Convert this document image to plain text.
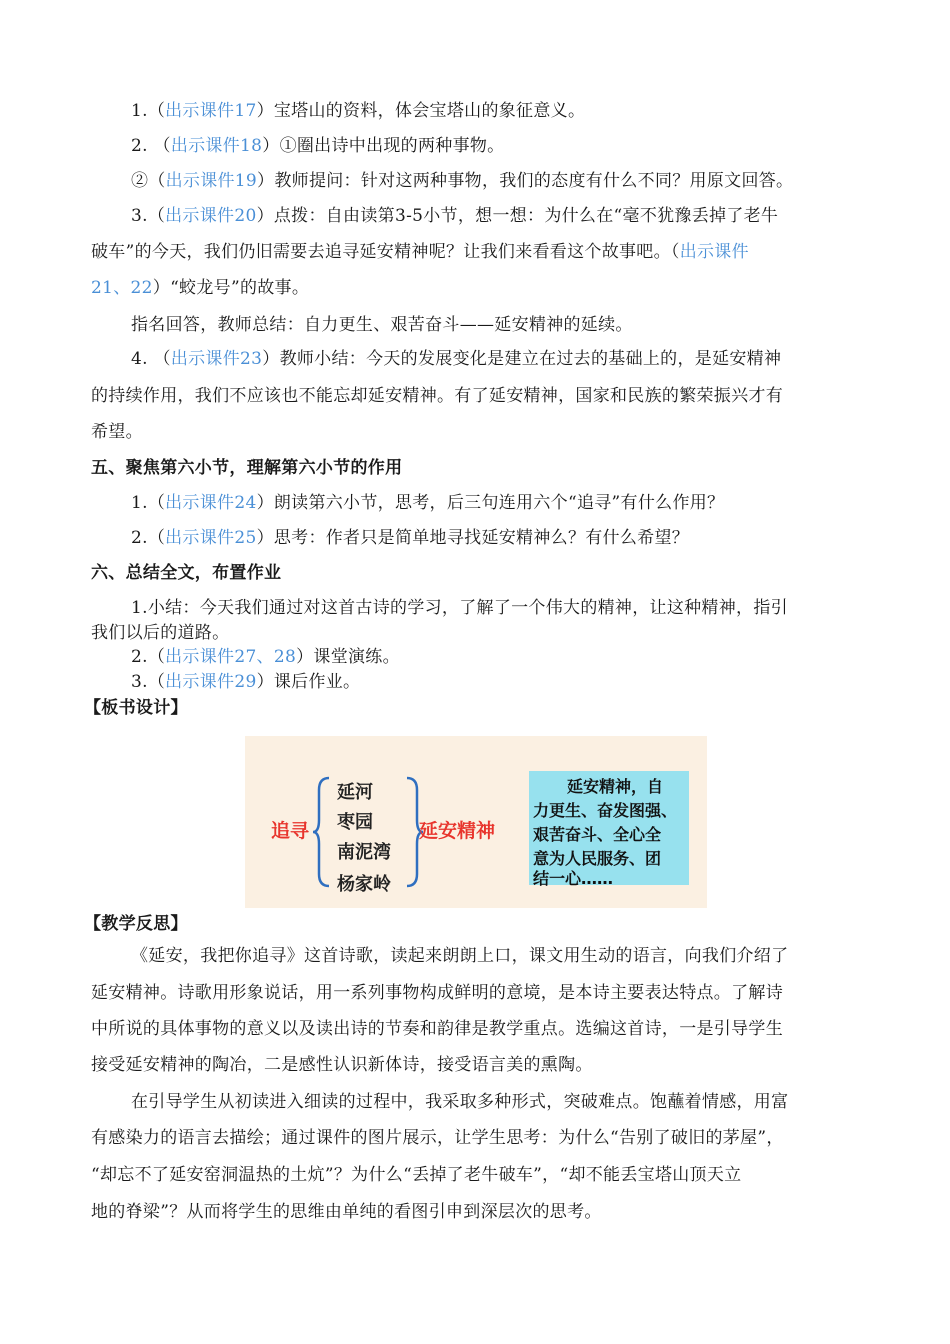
1.（出示课件17）宝塔山的资料，体会宝塔山的象征意义。
2. （出示课件18）①圈出诗中出现的两种事物。
②（出示课件19）教师提问：针对这两种事物，我们的态度有什么不同？用原文回答。
3.（出示课件20）点拨：自由读第3-5小节，想一想：为什么在“毫不犹豫丢掉了老牛
破车”的今天，我们仍旧需要去追寻延安精神呢？让我们来看看这个故事吧。（出示课件
21、22）“蛟龙号”的故事。
指名回答，教师总结：自力更生、艰苦奋斗——延安精神的延续。
4. （出示课件23）教师小结：今天的发展变化是建立在过去的基础上的，是延安精神
的持续作用，我们不应该也不能忘却延安精神。有了延安精神，国家和民族的繁荣振兴才有
希望。
五、聚焦第六小节，理解第六小节的作用
1.（出示课件24）朗读第六小节，思考，后三句连用六个“追寻”有什么作用？
2.（出示课件25）思考：作者只是简单地寻找延安精神么？有什么希望？
六、总结全文，布置作业
1.小结：今天我们通过对这首古诗的学习，了解了一个伟大的精神，让这种精神，指引
我们以后的道路。
2.（出示课件27、28）课堂演练。
3.（出示课件29）课后作业。
【板书设计】
追寻
延河
枣园
南泥湾
杨家岭
延安精神
延安精神，自
力更生、奋发图强、
艰苦奋斗、全心全
意为人民服务、团
结一心……
【教学反思】
《延安，我把你追寻》这首诗歌，读起来朗朗上口，课文用生动的语言，向我们介绍了
延安精神。诗歌用形象说话，用一系列事物构成鲜明的意境，是本诗主要表达特点。了解诗
中所说的具体事物的意义以及读出诗的节奏和韵律是教学重点。选编这首诗，一是引导学生
接受延安精神的陶冶，二是感性认识新体诗，接受语言美的熏陶。
在引导学生从初读进入细读的过程中，我采取多种形式，突破难点。饱蘸着情感，用富
有感染力的语言去描绘；通过课件的图片展示，让学生思考：为什么“告别了破旧的茅屋”，
“却忘不了延安窑洞温热的土炕”？为什么“丢掉了老牛破车”，“却不能丢宝塔山顶天立
地的脊梁”？从而将学生的思维由单纯的看图引申到深层次的思考。
